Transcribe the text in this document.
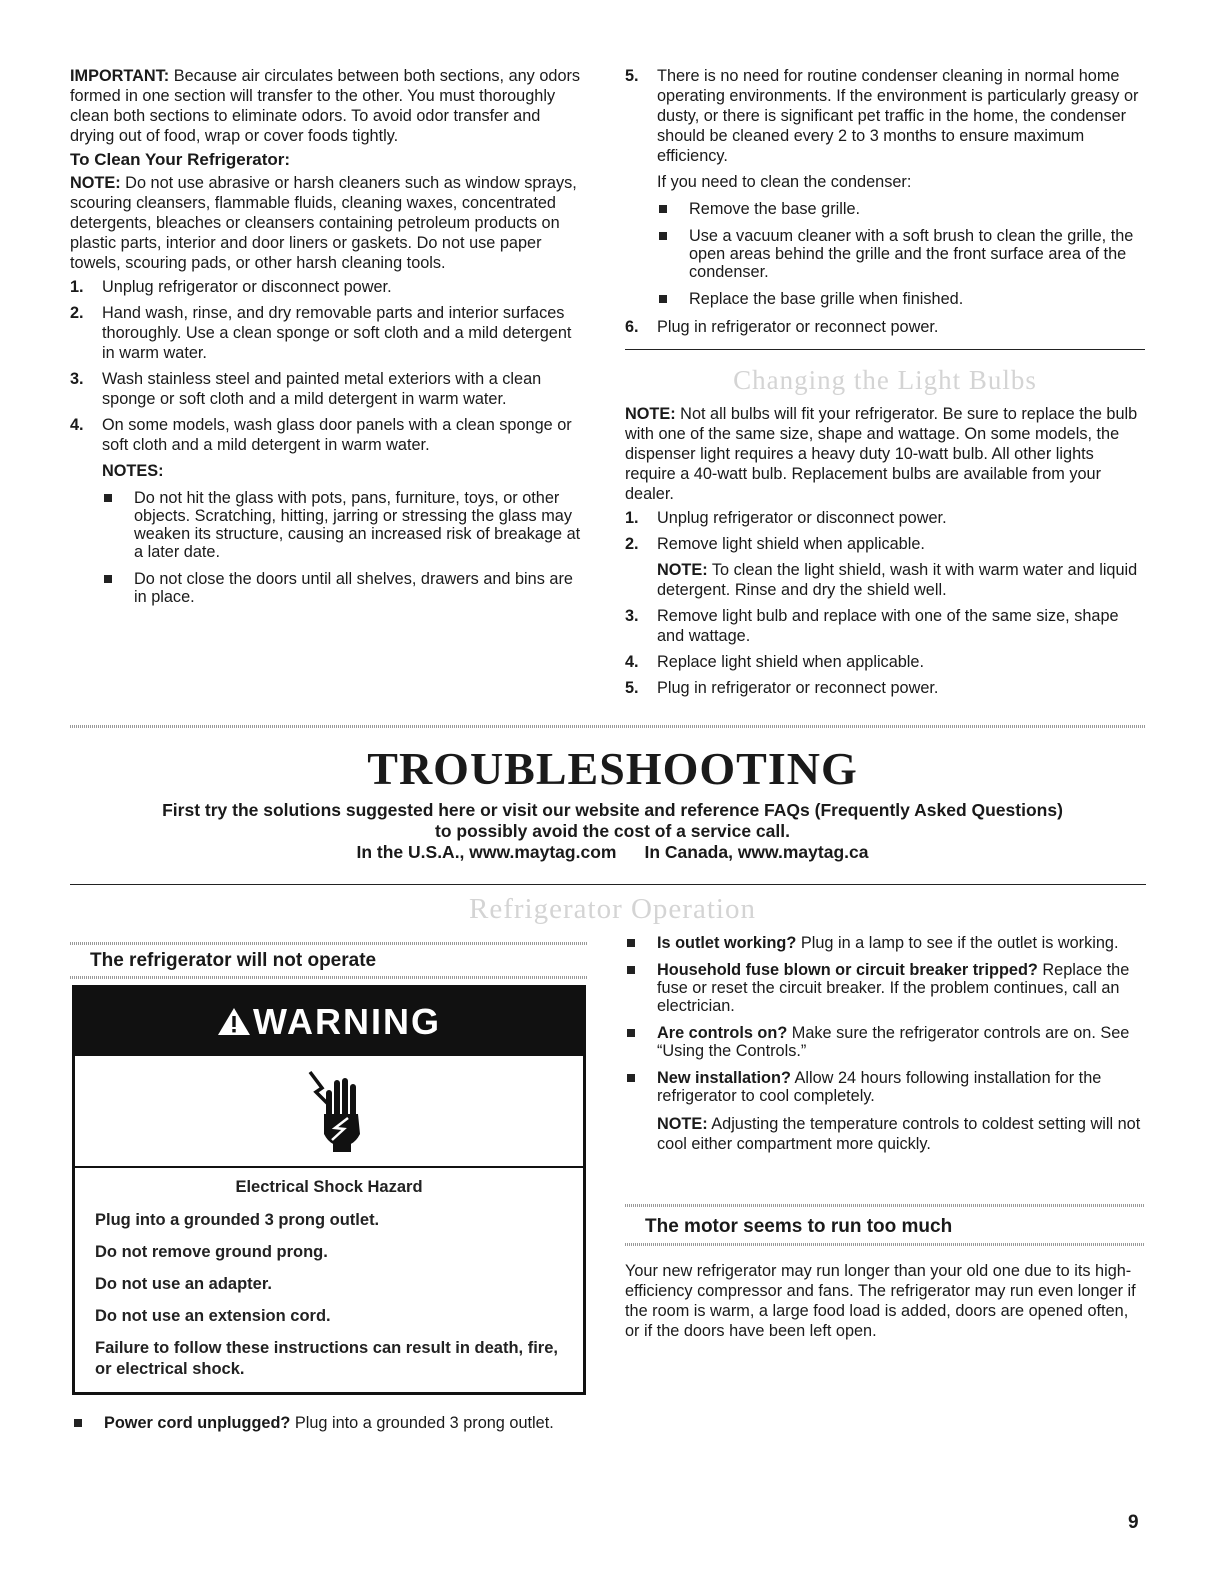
IMPORTANT: Because air circulates between both sections, any odors formed in one section will transfer to the other. You must thoroughly clean both sections to eliminate odors. To avoid odor transfer and drying out of food, wrap or cover foods tightly.

To Clean Your Refrigerator:

NOTE: Do not use abrasive or harsh cleaners such as window sprays, scouring cleansers, flammable fluids, cleaning waxes, concentrated detergents, bleaches or cleansers containing petroleum products on plastic parts, interior and door liners or gaskets. Do not use paper towels, scouring pads, or other harsh cleaning tools.

1. Unplug refrigerator or disconnect power.
2. Hand wash, rinse, and dry removable parts and interior surfaces thoroughly. Use a clean sponge or soft cloth and a mild detergent in warm water.
3. Wash stainless steel and painted metal exteriors with a clean sponge or soft cloth and a mild detergent in warm water.
4. On some models, wash glass door panels with a clean sponge or soft cloth and a mild detergent in warm water.

NOTES:

Do not hit the glass with pots, pans, furniture, toys, or other objects. Scratching, hitting, jarring or stressing the glass may weaken its structure, causing an increased risk of breakage at a later date.
Do not close the doors until all shelves, drawers and bins are in place.
5. There is no need for routine condenser cleaning in normal home operating environments. If the environment is particularly greasy or dusty, or there is significant pet traffic in the home, the condenser should be cleaned every 2 to 3 months to ensure maximum efficiency.

If you need to clean the condenser:

Remove the base grille.
Use a vacuum cleaner with a soft brush to clean the grille, the open areas behind the grille and the front surface area of the condenser.
Replace the base grille when finished.
6. Plug in refrigerator or reconnect power.

Changing the Light Bulbs

NOTE: Not all bulbs will fit your refrigerator. Be sure to replace the bulb with one of the same size, shape and wattage. On some models, the dispenser light requires a heavy duty 10-watt bulb. All other lights require a 40-watt bulb. Replacement bulbs are available from your dealer.

1. Unplug refrigerator or disconnect power.
2. Remove light shield when applicable.

NOTE: To clean the light shield, wash it with warm water and liquid detergent. Rinse and dry the shield well.

3. Remove light bulb and replace with one of the same size, shape and wattage.
4. Replace light shield when applicable.
5. Plug in refrigerator or reconnect power.
TROUBLESHOOTING
First try the solutions suggested here or visit our website and reference FAQs (Frequently Asked Questions)
to possibly avoid the cost of a service call.
In the U.S.A., www.maytag.com In Canada, www.maytag.ca
Refrigerator Operation
The refrigerator will not operate
WARNING

Electrical Shock Hazard

Plug into a grounded 3 prong outlet.

Do not remove ground prong.

Do not use an adapter.

Do not use an extension cord.

Failure to follow these instructions can result in death, fire, or electrical shock.

Power cord unplugged? Plug into a grounded 3 prong outlet.
Is outlet working? Plug in a lamp to see if the outlet is working.
Household fuse blown or circuit breaker tripped? Replace the fuse or reset the circuit breaker. If the problem continues, call an electrician.
Are controls on? Make sure the refrigerator controls are on. See “Using the Controls.”
New installation? Allow 24 hours following installation for the refrigerator to cool completely.

NOTE: Adjusting the temperature controls to coldest setting will not cool either compartment more quickly.

The motor seems to run too much

Your new refrigerator may run longer than your old one due to its high-efficiency compressor and fans. The refrigerator may run even longer if the room is warm, a large food load is added, doors are opened often, or if the doors have been left open.

9
